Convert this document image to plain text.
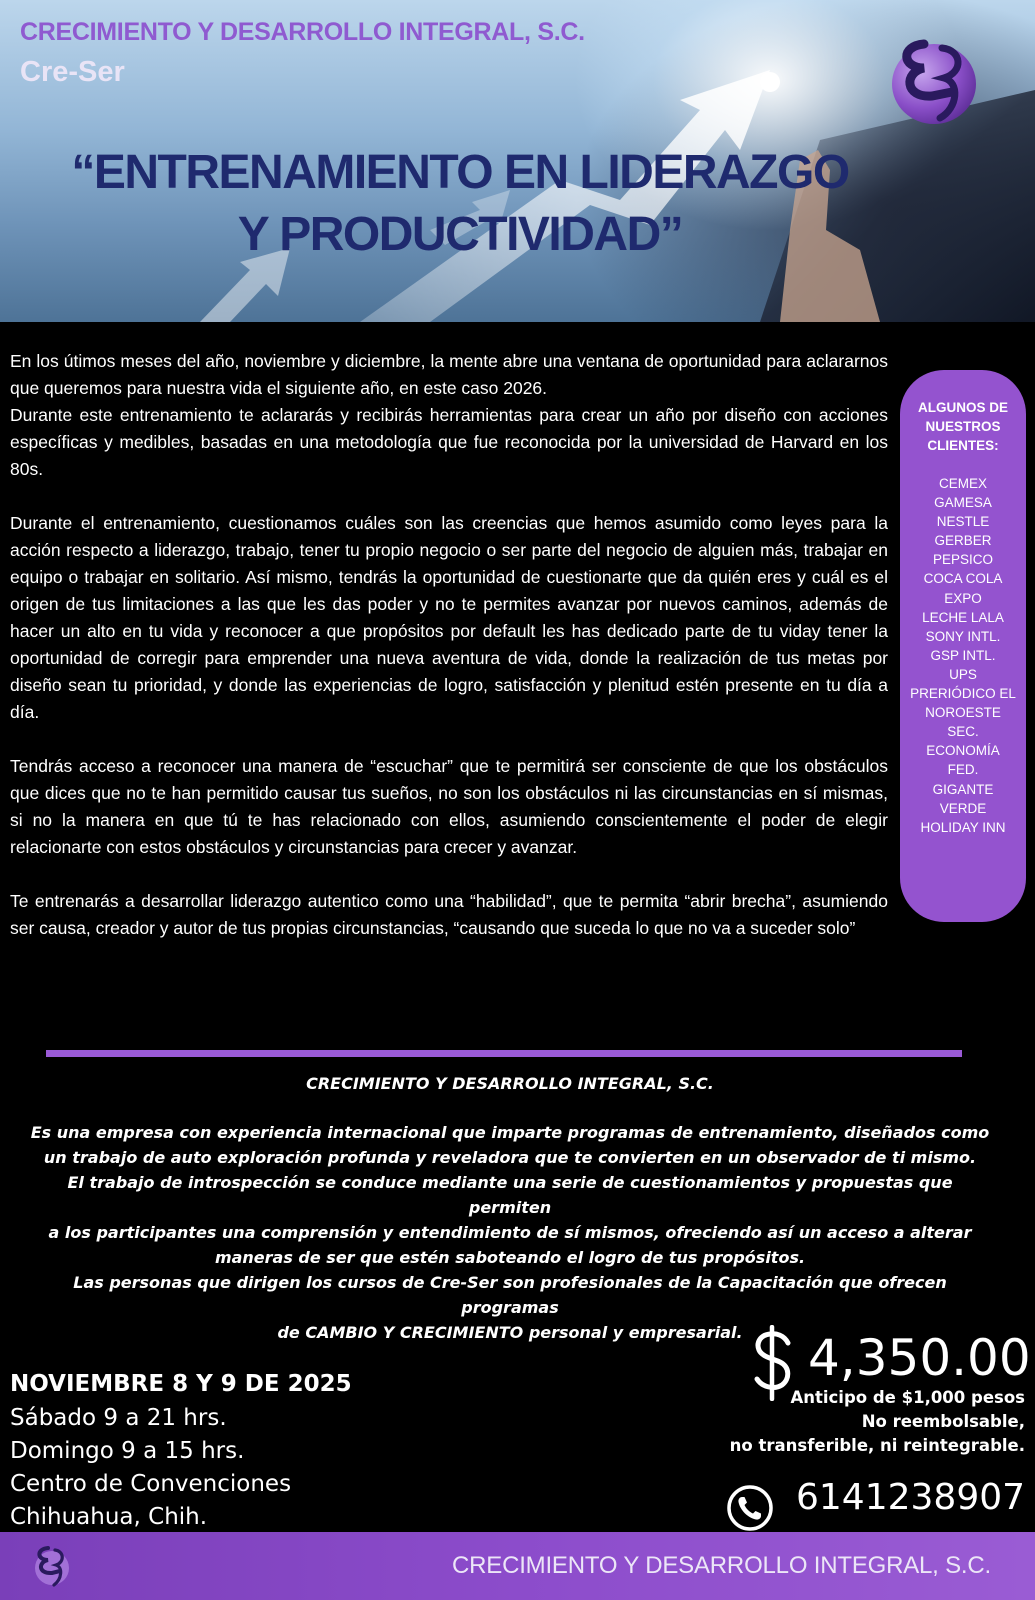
CRECIMIENTO Y DESARROLLO INTEGRAL, S.C.
Cre-Ser
“ENTRENAMIENTO EN LIDERAZGO
Y PRODUCTIVIDAD”

En los útimos meses del año, noviembre y diciembre, la mente abre una ventana de oportunidad para aclararnos que queremos para nuestra vida el siguiente año, en este caso 2026.
Durante este entrenamiento te aclararás y recibirás herramientas para crear un año por diseño con acciones específicas y medibles, basadas en una metodología que fue reconocida por la universidad de Harvard en los 80s.

Durante el entrenamiento, cuestionamos cuáles son las creencias que hemos asumido como leyes para la acción respecto a liderazgo, trabajo, tener tu propio negocio o ser parte del negocio de alguien más, trabajar en equipo o trabajar en solitario. Así mismo, tendrás la oportunidad de cuestionarte que da quién eres y cuál es el origen de tus limitaciones a las que les das poder y no te permites avanzar por nuevos caminos, además de hacer un alto en tu vida y reconocer a que propósitos por default les has dedicado parte de tu viday tener la oportunidad de corregir para emprender una nueva aventura de vida, donde la realización de tus metas por diseño sean tu prioridad, y donde las experiencias de logro, satisfacción y plenitud estén presente en tu día a día.

Tendrás acceso a reconocer una manera de “escuchar” que te permitirá ser consciente de que los obstáculos que dices que no te han permitido causar tus sueños, no son los obstáculos ni las circunstancias en sí mismas, si no la manera en que tú te has relacionado con ellos, asumiendo conscientemente el poder de elegir relacionarte con estos obstáculos y circunstancias para crecer y avanzar.

Te entrenarás a desarrollar liderazgo autentico como una “habilidad”, que te permita “abrir brecha”, asumiendo ser causa, creador y autor de tus propias circunstancias, “causando que suceda lo que no va a suceder solo”

ALGUNOS DE NUESTROS CLIENTES:
CEMEX
GAMESA
NESTLE
GERBER
PEPSICO
COCA COLA
EXPO
LECHE LALA
SONY INTL.
GSP INTL.
UPS
PRERIÓDICO EL
NOROESTE
SEC.
ECONOMÍA
FED.
GIGANTE
VERDE
HOLIDAY INN
CRECIMIENTO Y DESARROLLO INTEGRAL, S.C.
Es una empresa con experiencia internacional que imparte programas de entrenamiento, diseñados como
un trabajo de auto exploración profunda y reveladora que te convierten en un observador de ti mismo.
El trabajo de introspección se conduce mediante una serie de cuestionamientos y propuestas que permiten
a los participantes una comprensión y entendimiento de sí mismos, ofreciendo así un acceso a alterar
maneras de ser que estén saboteando el logro de tus propósitos.
Las personas que dirigen los cursos de Cre-Ser son profesionales de la Capacitación que ofrecen programas
de CAMBIO Y CRECIMIENTO personal y empresarial.
NOVIEMBRE 8 Y 9 DE 2025
Sábado 9 a 21 hrs.
Domingo 9 a 15 hrs.
Centro de Convenciones
Chihuahua, Chih.
4,350.00
Anticipo de $1,000 pesos
No reembolsable,
no transferible, ni reintegrable.
6141238907
CRECIMIENTO Y DESARROLLO INTEGRAL, S.C.
